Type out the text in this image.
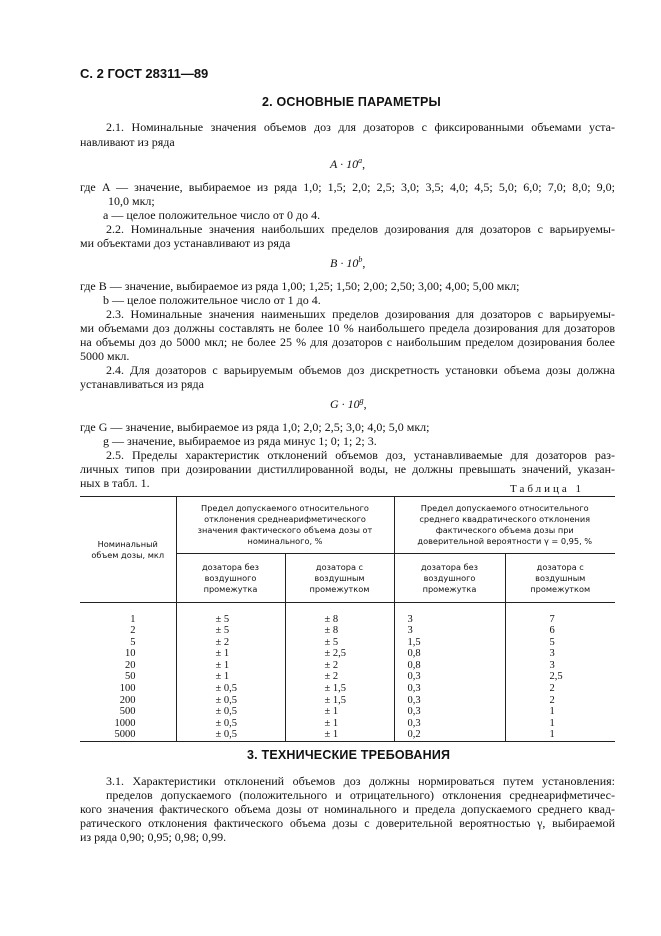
С. 2 ГОСТ 28311—89
2. ОСНОВНЫЕ ПАРАМЕТРЫ
2.1. Номинальные значения объемов доз для дозаторов с фиксированными объемами уста-
навливают из ряда
$A \cdot 10^a$,
где A — значение, выбираемое из ряда 1,0; 1,5; 2,0; 2,5; 3,0; 3,5; 4,0; 4,5; 5,0; 6,0; 7,0; 8,0; 9,0;
10,0 мкл;
a — целое положительное число от 0 до 4.
2.2. Номинальные значения наибольших пределов дозирования для дозаторов с варьируемы-
ми объектами доз устанавливают из ряда
$B \cdot 10^b$,
где B — значение, выбираемое из ряда 1,00; 1,25; 1,50; 2,00; 2,50; 3,00; 4,00; 5,00 мкл;
b — целое положительное число от 1 до 4.
2.3. Номинальные значения наименьших пределов дозирования для дозаторов с варьируемы-
ми объемами доз должны составлять не более 10 % наибольшего предела дозирования для дозаторов
на объемы доз до 5000 мкл; не более 25 % для дозаторов с наибольшим пределом дозирования более
5000 мкл.
2.4. Для дозаторов с варьируемым объемов доз дискретность установки объема дозы должна
устанавливаться из ряда
$G \cdot 10^g$,
где G — значение, выбираемое из ряда 1,0; 2,0; 2,5; 3,0; 4,0; 5,0 мкл;
g — значение, выбираемое из ряда минус 1; 0; 1; 2; 3.
2.5. Пределы характеристик отклонений объемов доз, устанавливаемые для дозаторов раз-
личных типов при дозировании дистиллированной воды, не должны превышать значений, указан-
ных в табл. 1.	Таблица 1
Номинальный объем дозы, мкл	Предел допускаемого относительного отклонения среднеарифметического значения фактического объема дозы от номинального, %		Предел допускаемого относительного среднего квадратического отклонения фактического объема дозы при доверительной вероятности γ = 0,95, %	
	дозатора без воздушного промежутка	дозатора с воздушным промежутком	дозатора без воздушного промежутка	дозатора с воздушным промежутком

1	± 5	± 8	3	7
2	± 5	± 8	3	6
5	± 2	± 5	1,5	5
10	± 1	± 2,5	0,8	3
20	± 1	± 2	0,8	3
50	± 1	± 2	0,3	2,5
100	± 0,5	± 1,5	0,3	2
200	± 0,5	± 1,5	0,3	2
500	± 0,5	± 1	0,3	1
1000	± 0,5	± 1	0,3	1
5000	± 0,5	± 1	0,2	1
3. ТЕХНИЧЕСКИЕ ТРЕБОВАНИЯ
3.1. Характеристики отклонений объемов доз должны нормироваться путем установления:
пределов допускаемого (положительного и отрицательного) отклонения среднеарифметичес-
кого значения фактического объема дозы от номинального и предела допускаемого среднего квад-
ратического отклонения фактического объема дозы с доверительной вероятностью γ, выбираемой
из ряда 0,90; 0,95; 0,98; 0,99.
